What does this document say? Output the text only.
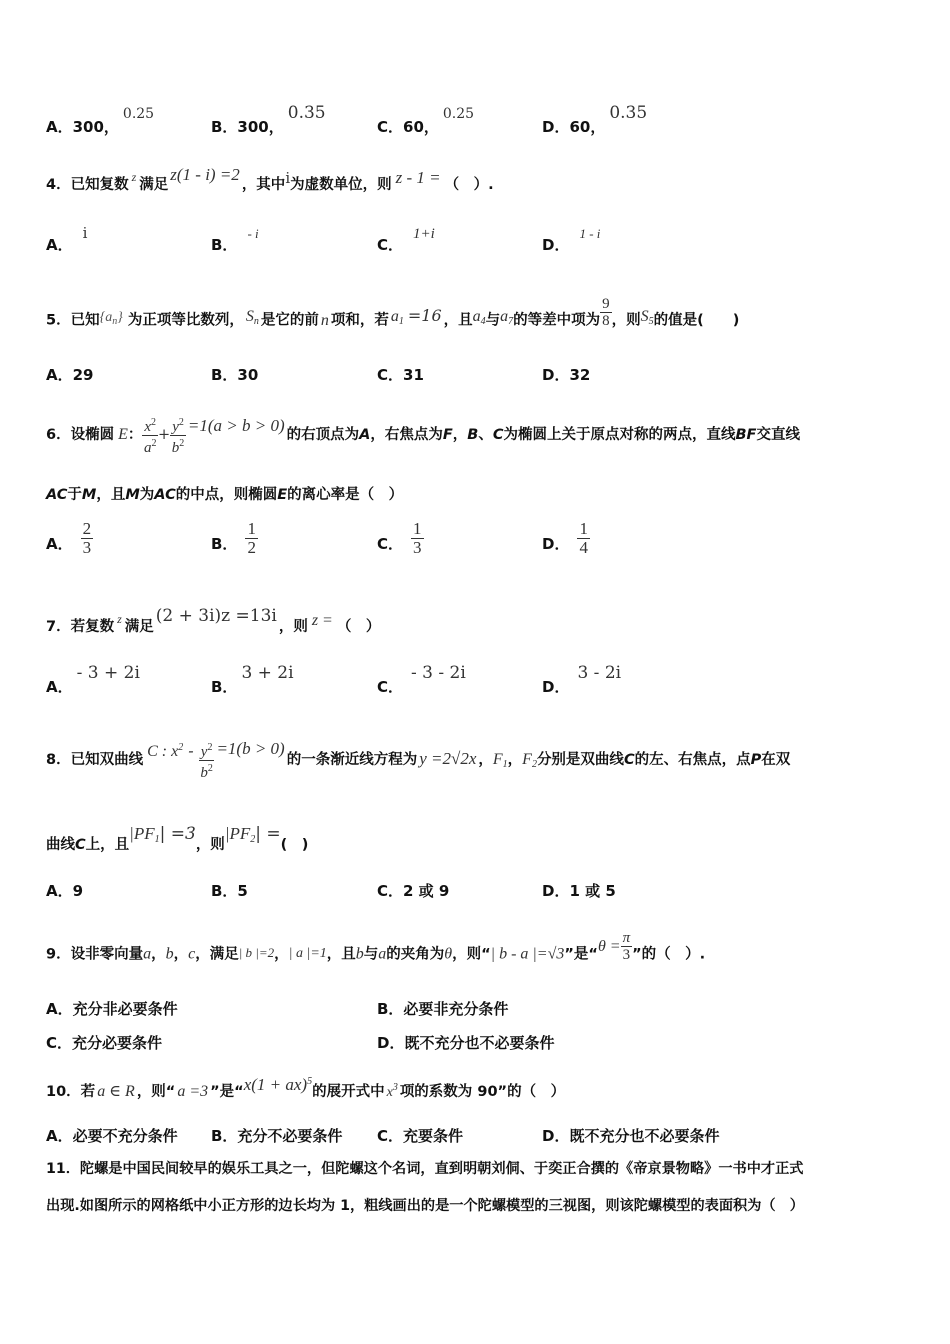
A．300，0.25
B．300，0.35
C．60，0.25
D．60，0.35
4．已知复数 $^z$ 满足z(1 - i) =2，其中i为虚数单位，则 z - 1 = （　）.
A．i
B．- i
C．1+i
D．1 - i
5．已知$\{a_n\}$ 为正项等比数列， $S_n$ 是它的前 n 项和，若 $a_1 =16$ ，且$a_4$与$a_7$的等差中项为 $\frac{9}{8}$ ，则$S_5$的值是(　　)
A．29	B．30	C．31	D．32
6．设椭圆 E： $\frac{x^2}{a^2} + \frac{y^2}{b^2} =1(a > b > 0)$ 的右顶点为A，右焦点为F，B、C为椭圆上关于原点对称的两点，直线BF交直线
AC于M，且M为AC的中点，则椭圆E的离心率是（　）
A． $\frac{2}{3}$	B． $\frac{1}{2}$	C． $\frac{1}{3}$	D． $\frac{1}{4}$
7．若复数 $^z$ 满足(2 + 3i)z =13i，则 z = （　）
A．- 3 + 2i
B．3 + 2i
C．- 3 - 2i
D．3 - 2i
8．已知双曲线 C : $x^2 - \frac{y^2}{b^2} =1(b > 0)$的一条渐近线方程为 y =2√2x ，$F_1$，$F_2$分别是双曲线C的左、右焦点，点P在双
曲线C上，且$|PF_1| =3$，则$|PF_2|$ =(　)
A．9	B．5	C．2 或 9	D．1 或 5
9．设非零向量a，b，c，满足| b |=2，| a |=1，且b与a的夹角为θ，则“| b - a |=√3”是“$\theta = \frac{\pi}{3}$ ”的（　）.
A．充分非必要条件	B．必要非充分条件
C．充分必要条件	D．既不充分也不必要条件
10．若 a ∈ R ，则“ a =3 ”是“x(1 + ax)$^5$的展开式中 $x^3$ 项的系数为 90”的（　）
A．必要不充分条件 B．充分不必要条件 C．充要条件	D．既不充分也不必要条件
11．陀螺是中国民间较早的娱乐工具之一，但陀螺这个名词，直到明朝刘侗、于奕正合撰的《帝京景物略》一书中才正式
出现.如图所示的网格纸中小正方形的边长均为 1，粗线画出的是一个陀螺模型的三视图，则该陀螺模型的表面积为（　）
